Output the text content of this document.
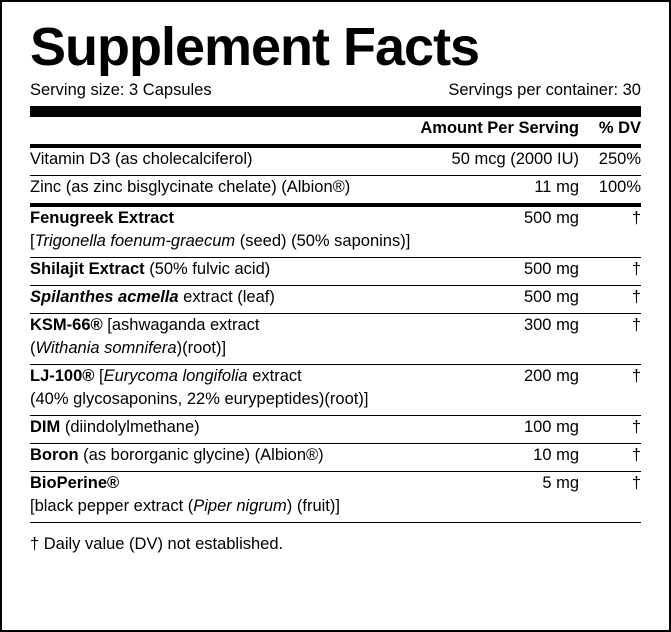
Supplement Facts
Serving size: 3 Capsules	Servings per container: 30
	Amount Per Serving	% DV

Vitamin D3 (as cholecalciferol)	50 mcg (2000 IU)	250%

Zinc (as zinc bisglycinate chelate) (Albion®)	11 mg	100%

Fenugreek Extract	500 mg	†
[Trigonella foenum-graecum (seed) (50% saponins)]		

Shilajit Extract (50% fulvic acid)	500 mg	†

Spilanthes acmella extract (leaf)	500 mg	†

KSM-66® [ashwaganda extract	300 mg	†
(Withania somnifera)(root)]		

LJ-100® [Eurycoma longifolia extract	200 mg	†
(40% glycosaponins, 22% eurypeptides)(root)]		

DIM (diindolylmethane)	100 mg	†

Boron (as bororganic glycine) (Albion®)	10 mg	†

BioPerine®	5 mg	†
[black pepper extract (Piper nigrum) (fruit)]		

† Daily value (DV) not established.
